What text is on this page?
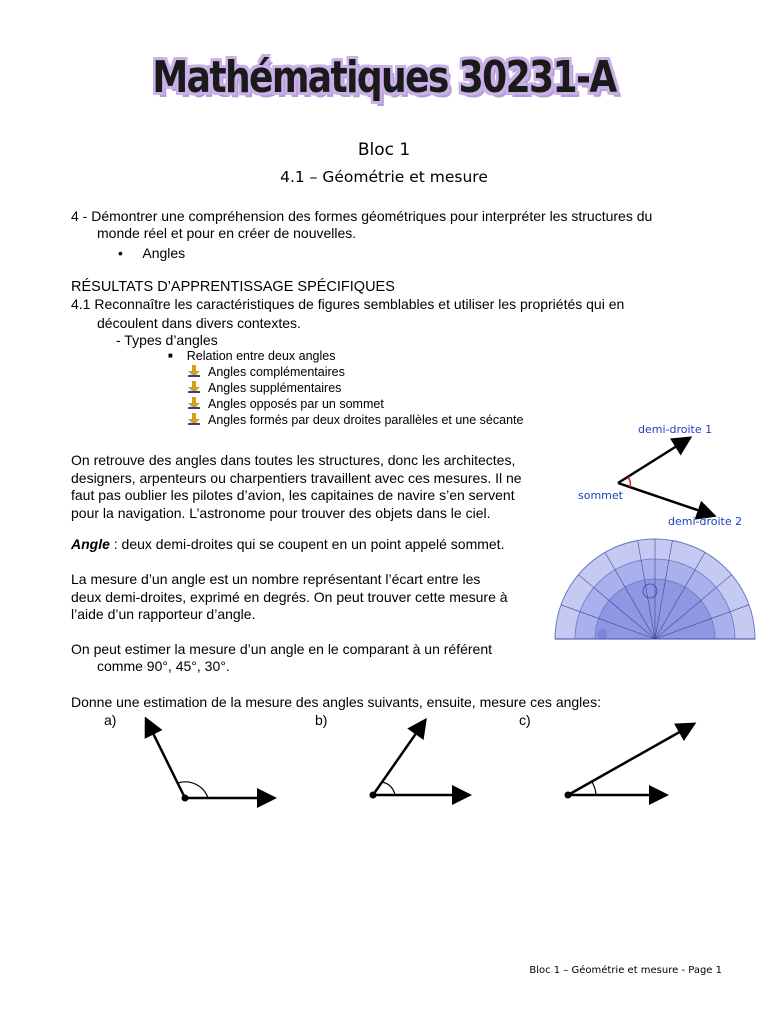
Mathématiques 30231-A
Bloc 1
4.1 – Géométrie et mesure
4 - Démontrer une compréhension des formes géométriques pour interpréter les structures du
monde réel et pour en créer de nouvelles.
• Angles
RÉSULTATS D’APPRENTISSAGE SPÉCIFIQUES
4.1 Reconnaître les caractéristiques de figures semblables et utiliser les propriétés qui en
découlent dans divers contextes.
- Types d’angles
■ Relation entre deux angles
Angles complémentaires
Angles supplémentaires
Angles opposés par un sommet
Angles formés par deux droites parallèles et une sécante
demi-droite 1
demi-droite 2
sommet
On retrouve des angles dans toutes les structures, donc les architectes,
designers, arpenteurs ou charpentiers travaillent avec ces mesures. Il ne
faut pas oublier les pilotes d’avion, les capitaines de navire s’en servent
pour la navigation. L’astronome pour trouver des objets dans le ciel.
Angle : deux demi-droites qui se coupent en un point appelé sommet.
La mesure d’un angle est un nombre représentant l’écart entre les
deux demi-droites, exprimé en degrés. On peut trouver cette mesure à
l’aide d’un rapporteur d’angle.
On peut estimer la mesure d’un angle en le comparant à un référent
comme 90°, 45°, 30°.
Donne une estimation de la mesure des angles suivants, ensuite, mesure ces angles:
a)	b)	c)
Bloc 1 – Géométrie et mesure - Page 1
